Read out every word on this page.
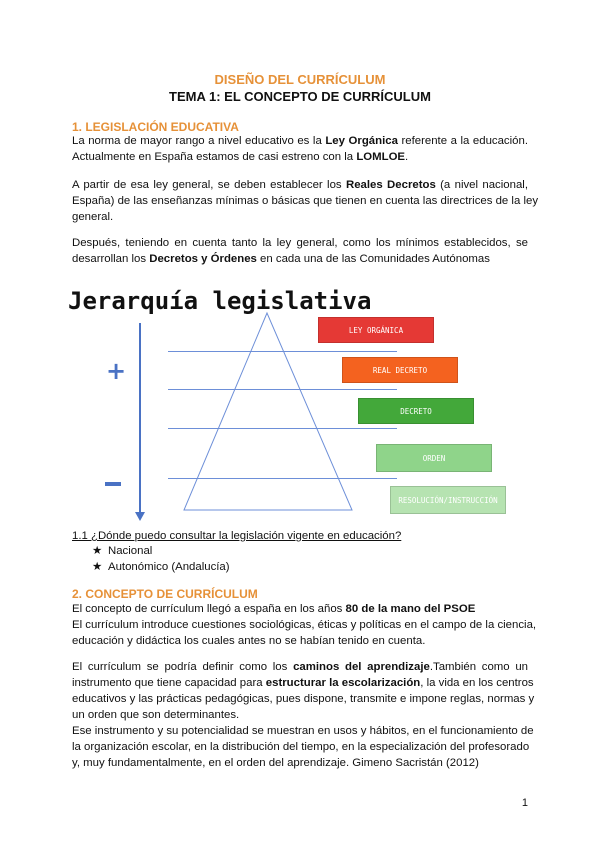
DISEÑO DEL CURRÍCULUM
TEMA 1: EL CONCEPTO DE CURRÍCULUM
1. LEGISLACIÓN EDUCATIVA

La norma de mayor rango a nivel educativo es la Ley Orgánica referente a la educación.
Actualmente en España estamos de casi estreno con la LOMLOE.

A partir de esa ley general, se deben establecer los Reales Decretos (a nivel nacional,
España) de las enseñanzas mínimas o básicas que tienen en cuenta las directrices de la ley
general.

Después, teniendo en cuenta tanto la ley general, como los mínimos establecidos, se
desarrollan los Decretos y Órdenes en cada una de las Comunidades Autónomas

Jerarquía legislativa
+
LEY ORGÁNICA
REAL DECRETO
DECRETO
ORDEN
RESOLUCIÓN/INSTRUCCIÓN
1.1 ¿Dónde puedo consultar la legislación vigente en educación?
★ Nacional
★ Autonómico (Andalucía)
2. CONCEPTO DE CURRÍCULUM

El concepto de currículum llegó a españa en los años 80 de la mano del PSOE
El currículum introduce cuestiones sociológicas, éticas y políticas en el campo de la ciencia,
educación y didáctica los cuales antes no se habían tenido en cuenta.

El currículum se podría definir como los caminos del aprendizaje.También como un
instrumento que tiene capacidad para estructurar la escolarización, la vida en los centros
educativos y las prácticas pedagógicas, pues dispone, transmite e impone reglas, normas y
un orden que son determinantes.
Ese instrumento y su potencialidad se muestran en usos y hábitos, en el funcionamiento de
la organización escolar, en la distribución del tiempo, en la especialización del profesorado
y, muy fundamentalmente, en el orden del aprendizaje. Gimeno Sacristán (2012)

1
